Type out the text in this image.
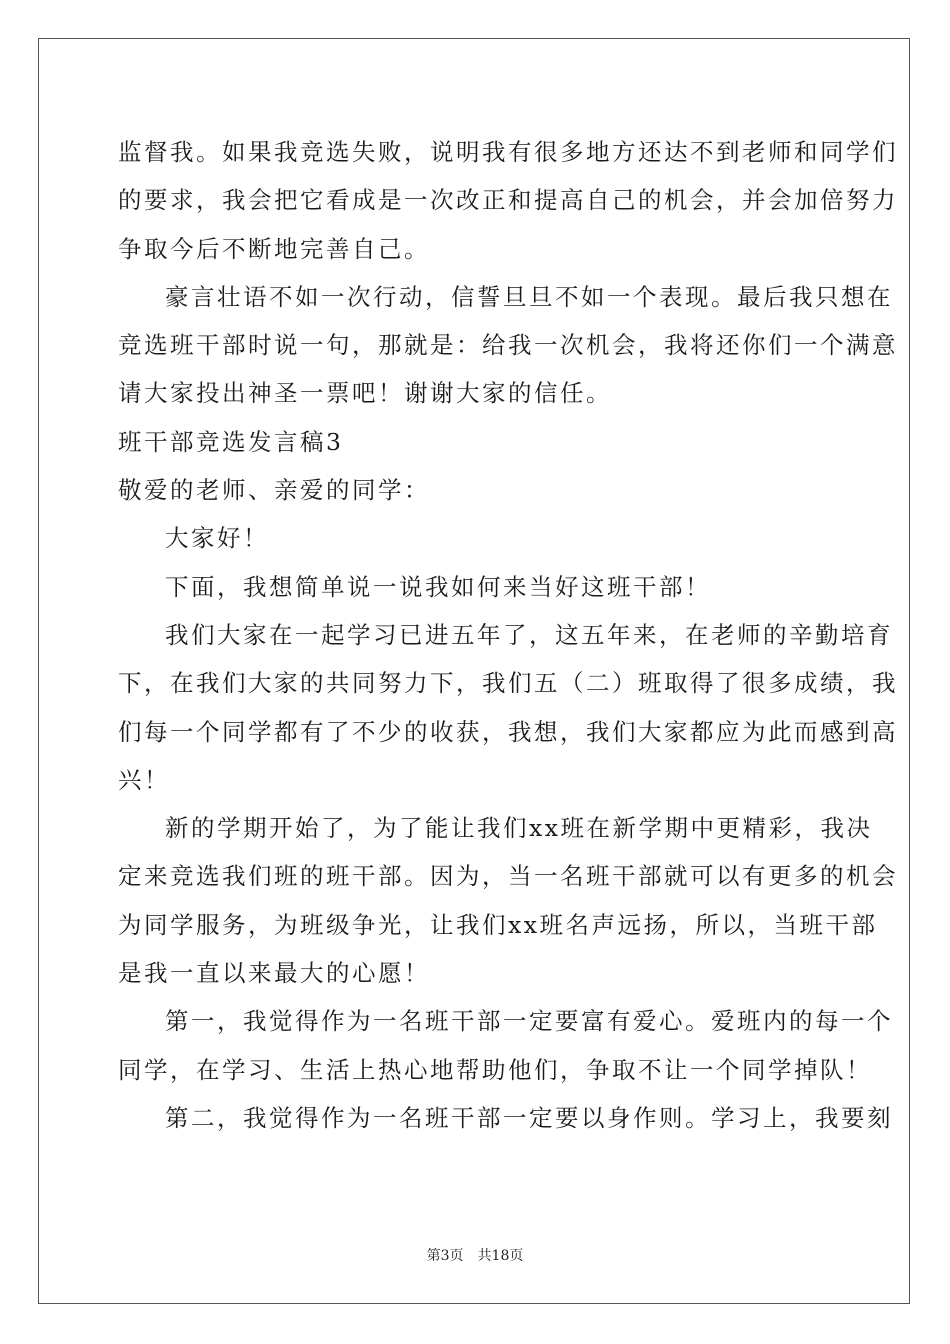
监督我。如果我竞选失败，说明我有很多地方还达不到老师和同学们
的要求，我会把它看成是一次改正和提高自己的机会，并会加倍努力
争取今后不断地完善自己。
豪言壮语不如一次行动，信誓旦旦不如一个表现。最后我只想在
竞选班干部时说一句，那就是：给我一次机会，我将还你们一个满意
请大家投出神圣一票吧！谢谢大家的信任。
班干部竞选发言稿3
敬爱的老师、亲爱的同学：
大家好！
下面，我想简单说一说我如何来当好这班干部！
我们大家在一起学习已进五年了，这五年来，在老师的辛勤培育
下，在我们大家的共同努力下，我们五（二）班取得了很多成绩，我
们每一个同学都有了不少的收获，我想，我们大家都应为此而感到高
兴！
新的学期开始了，为了能让我们xx班在新学期中更精彩，我决
定来竞选我们班的班干部。因为，当一名班干部就可以有更多的机会
为同学服务，为班级争光，让我们xx班名声远扬，所以，当班干部
是我一直以来最大的心愿！
第一，我觉得作为一名班干部一定要富有爱心。爱班内的每一个
同学，在学习、生活上热心地帮助他们，争取不让一个同学掉队！
第二，我觉得作为一名班干部一定要以身作则。学习上，我要刻
第3页 共18页
